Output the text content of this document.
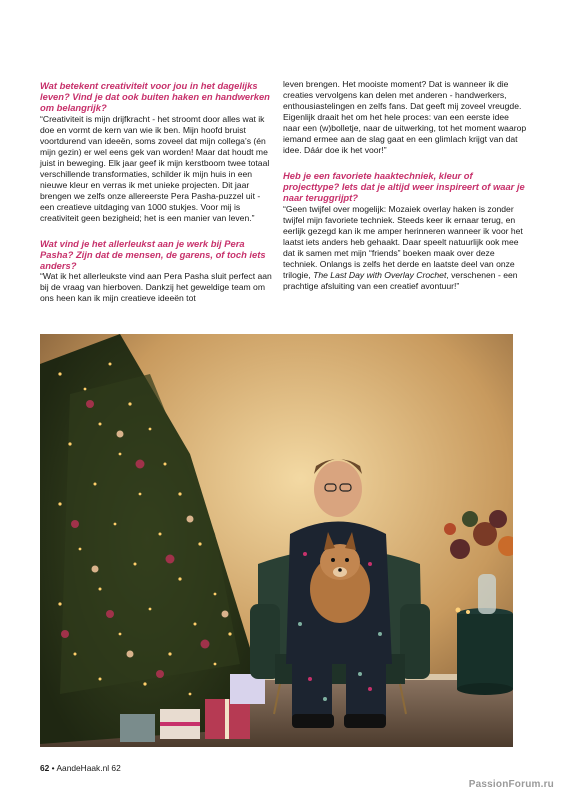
Wat betekent creativiteit voor jou in het dagelijks leven? Vind je dat ook buiten haken en handwerken om belangrijk?

“Creativiteit is mijn drijfkracht - het stroomt door alles wat ik doe en vormt de kern van wie ik ben. Mijn hoofd bruist voortdurend van ideeën, soms zoveel dat mijn collega’s (én mijn gezin) er wel eens gek van worden! Maar dat houdt me juist in beweging. Elk jaar geef ik mijn kerstboom twee totaal verschillende transformaties, schilder ik mijn huis in een nieuwe kleur en verras ik met unieke projecten. Dit jaar brengen we zelfs onze allereerste Pera Pasha-puzzel uit - een creatieve uitdaging van 1000 stukjes. Voor mij is creativiteit geen bezigheid; het is een manier van leven.”

Wat vind je het allerleukst aan je werk bij Pera Pasha? Zijn dat de mensen, de garens, of toch iets anders?

“Wat ik het allerleukste vind aan Pera Pasha sluit perfect aan bij de vraag van hierboven. Dankzij het geweldige team om ons heen kan ik mijn creatieve ideeën tot

leven brengen. Het mooiste moment? Dat is wanneer ik die creaties vervolgens kan delen met anderen - handwerkers, enthousiastelingen en zelfs fans. Dat geeft mij zoveel vreugde. Eigenlijk draait het om het hele proces: van een eerste idee naar een (w)bolletje, naar de uitwerking, tot het moment waarop iemand ermee aan de slag gaat en een glimlach krijgt van dat idee. Dáár doe ik het voor!”

Heb je een favoriete haaktechniek, kleur of projecttype? Iets dat je altijd weer inspireert of waar je naar teruggrijpt?

“Geen twijfel over mogelijk: Mozaiek overlay haken is zonder twijfel mijn favoriete techniek. Steeds keer ik ernaar terug, en eerlijk gezegd kan ik me amper herinneren wanneer ik voor het laatst iets anders heb gehaakt. Daar speelt natuurlijk ook mee dat ik samen met mijn “friends” boeken maak over deze techniek. Onlangs is zelfs het derde en laatste deel van onze trilogie, The Last Day with Overlay Crochet, verschenen - een prachtige afsluiting van een creatief avontuur!”

62 • AandeHaak.nl 62
PassionForum.ru
